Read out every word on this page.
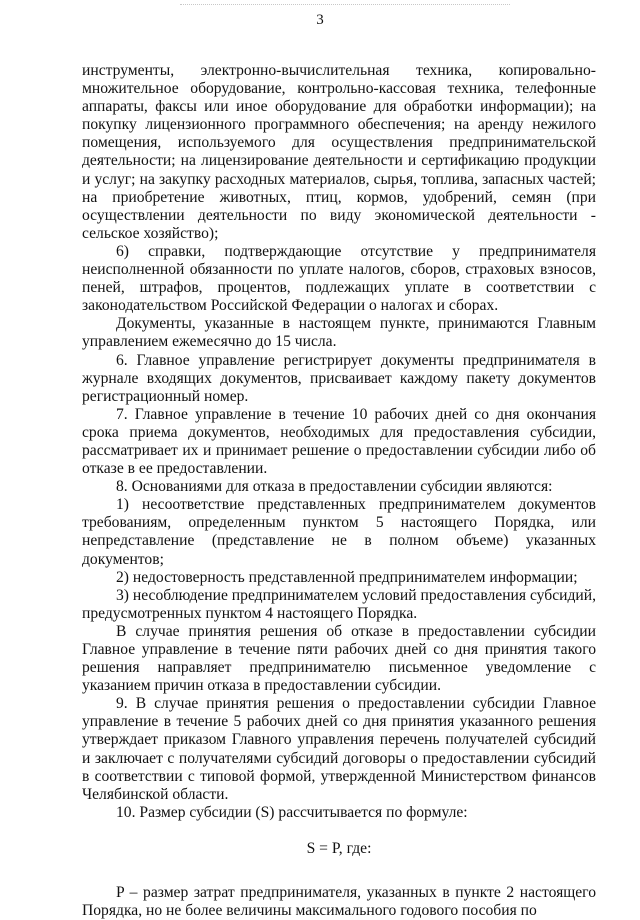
3

инструменты, электронно-вычислительная техника, копировально-множительное оборудование, контрольно-кассовая техника, телефонные аппараты, факсы или иное оборудование для обработки информации); на покупку лицензионного программного обеспечения; на аренду нежилого помещения, используемого для осуществления предпринимательской деятельности; на лицензирование деятельности и сертификацию продукции и услуг; на закупку расходных материалов, сырья, топлива, запасных частей; на приобретение животных, птиц, кормов, удобрений, семян (при осуществлении деятельности по виду экономической деятельности - сельское хозяйство);

6) справки, подтверждающие отсутствие у предпринимателя неисполненной обязанности по уплате налогов, сборов, страховых взносов, пеней, штрафов, процентов, подлежащих уплате в соответствии с законодательством Российской Федерации о налогах и сборах.

Документы, указанные в настоящем пункте, принимаются Главным управлением ежемесячно до 15 числа.

6. Главное управление регистрирует документы предпринимателя в журнале входящих документов, присваивает каждому пакету документов регистрационный номер.

7. Главное управление в течение 10 рабочих дней со дня окончания срока приема документов, необходимых для предоставления субсидии, рассматривает их и принимает решение о предоставлении субсидии либо об отказе в ее предоставлении.

8. Основаниями для отказа в предоставлении субсидии являются:

1) несоответствие представленных предпринимателем документов требованиям, определенным пунктом 5 настоящего Порядка, или непредставление (представление не в полном объеме) указанных документов;

2) недостоверность представленной предпринимателем информации;

3) несоблюдение предпринимателем условий предоставления субсидий, предусмотренных пунктом 4 настоящего Порядка.

В случае принятия решения об отказе в предоставлении субсидии Главное управление в течение пяти рабочих дней со дня принятия такого решения направляет предпринимателю письменное уведомление с указанием причин отказа в предоставлении субсидии.

9. В случае принятия решения о предоставлении субсидии Главное управление в течение 5 рабочих дней со дня принятия указанного решения утверждает приказом Главного управления перечень получателей субсидий и заключает с получателями субсидий договоры о предоставлении субсидий в соответствии с типовой формой, утвержденной Министерством финансов Челябинской области.

10. Размер субсидии (S) рассчитывается по формуле:

S = P, где:

P – размер затрат предпринимателя, указанных в пункте 2 настоящего Порядка, но не более величины максимального годового пособия по
